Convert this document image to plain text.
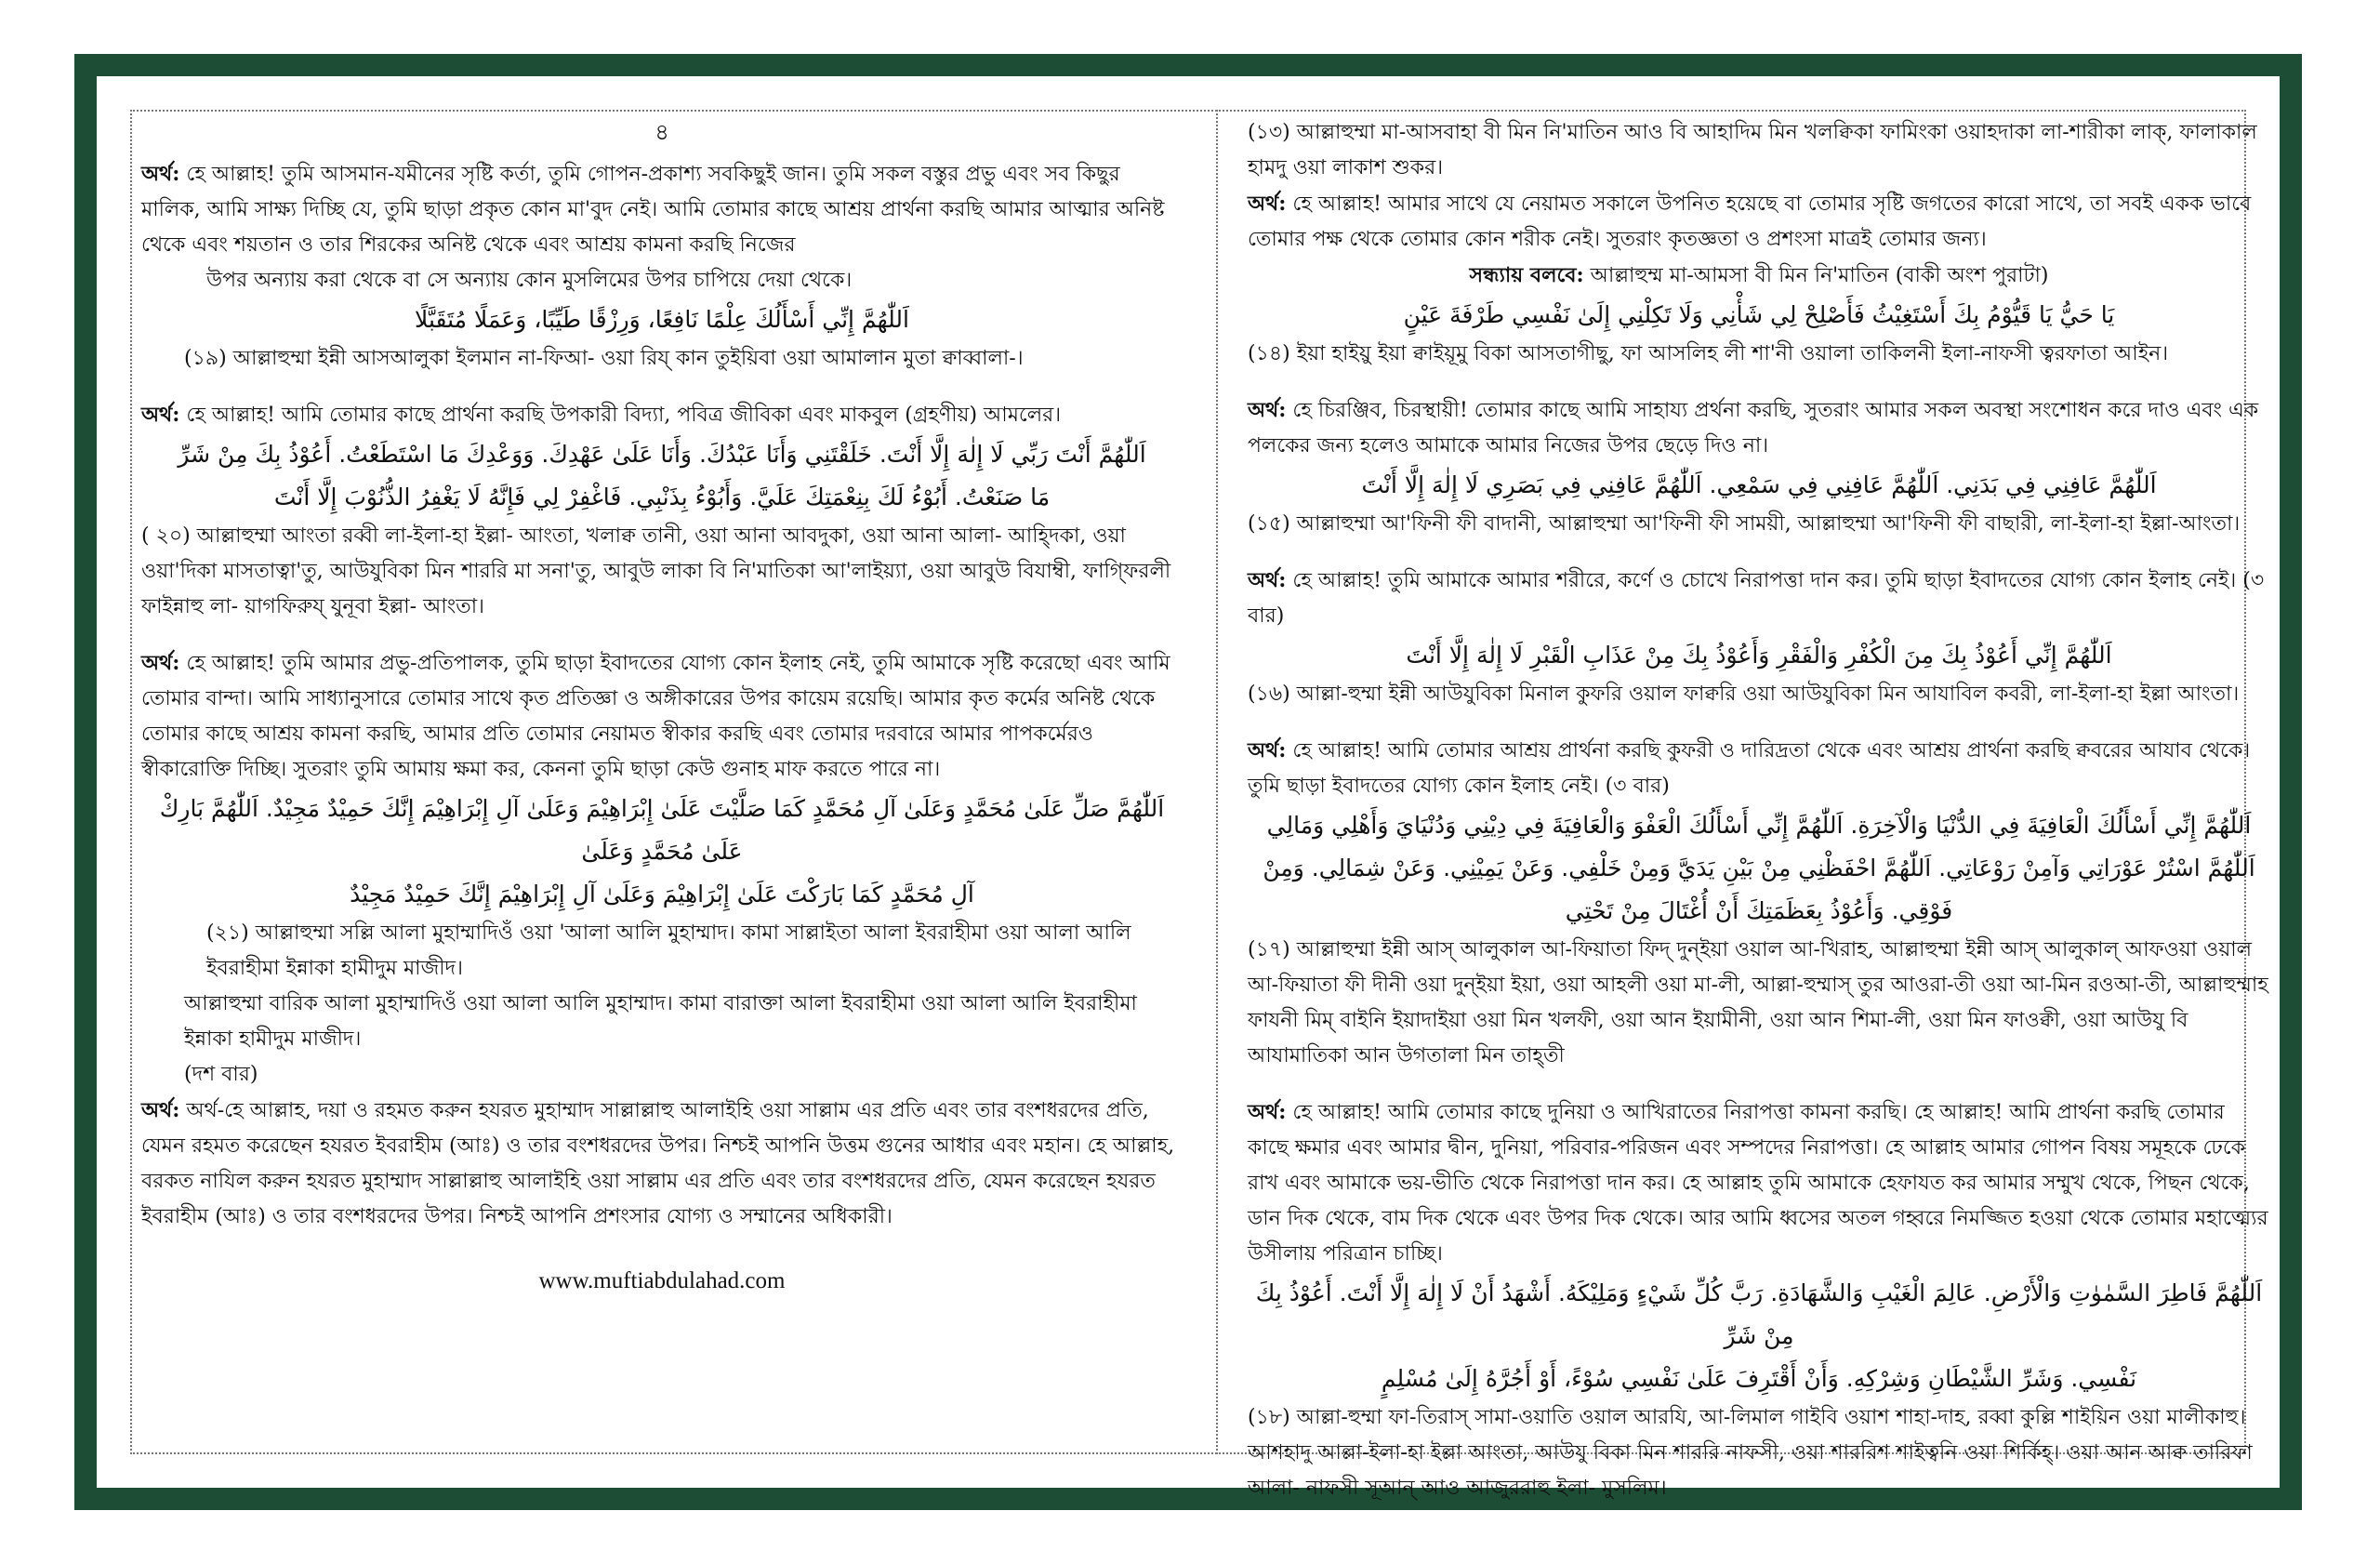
৪

অর্থ: হে আল্লাহ! তুমি আসমান-যমীনের সৃষ্টি কর্তা, তুমি গোপন-প্রকাশ্য সবকিছুই জান। তুমি সকল বস্তুর প্রভু এবং সব কিছুর মালিক, আমি সাক্ষ্য দিচ্ছি যে, তুমি ছাড়া প্রকৃত কোন মা'বুদ নেই। আমি তোমার কাছে আশ্রয় প্রার্থনা করছি আমার আত্মার অনিষ্ট থেকে এবং শয়তান ও তার শিরকের অনিষ্ট থেকে এবং আশ্রয় কামনা করছি নিজের

উপর অন্যায় করা থেকে বা সে অন্যায় কোন মুসলিমের উপর চাপিয়ে দেয়া থেকে।

اَللّٰهُمَّ إِنِّي أَسْأَلُكَ عِلْمًا نَافِعًا، وَرِزْقًا طَيِّبًا، وَعَمَلًا مُتَقَبَّلًا

(১৯) আল্লাহুম্মা ইন্নী আসআলুকা ইলমান না-ফিআ- ওয়া রিয্ কান তুইয়িবা ওয়া আমালান মুতা ক্বাব্বালা-।

অর্থ: হে আল্লাহ! আমি তোমার কাছে প্রার্থনা করছি উপকারী বিদ্যা, পবিত্র জীবিকা এবং মাকবুল (গ্রহণীয়) আমলের।

اَللّٰهُمَّ أَنْتَ رَبِّي لَا إِلٰهَ إِلَّا أَنْتَ. خَلَقْتَنِي وَأَنَا عَبْدُكَ. وَأَنَا عَلَىٰ عَهْدِكَ. وَوَعْدِكَ مَا اسْتَطَعْتُ. أَعُوْذُ بِكَ مِنْ شَرِّ

مَا صَنَعْتُ. أَبُوْءُ لَكَ بِنِعْمَتِكَ عَلَيَّ. وَأَبُوْءُ بِذَنْبِي. فَاغْفِرْ لِي فَإِنَّهُ لَا يَغْفِرُ الذُّنُوْبَ إِلَّا أَنْتَ

( ২০) আল্লাহুম্মা আংতা রব্বী লা-ইলা-হা ইল্লা- আংতা, খলাক্ব তানী, ওয়া আনা আবদুকা, ওয়া আনা আলা- আহ্দিকা, ওয়া ওয়া'দিকা মাসতাত্বা'তু, আউযুবিকা মিন শাররি মা সনা'তু, আবুউ লাকা বি নি'মাতিকা আ'লাইয়্যা, ওয়া আবুউ বিযাম্বী, ফাগ্ফিরলী ফাইন্নাহু লা- য়াগফিরুয্ যুনূবা ইল্লা- আংতা।

অর্থ: হে আল্লাহ! তুমি আমার প্রভু-প্রতিপালক, তুমি ছাড়া ইবাদতের যোগ্য কোন ইলাহ নেই, তুমি আমাকে সৃষ্টি করেছো এবং আমি তোমার বান্দা। আমি সাধ্যানুসারে তোমার সাথে কৃত প্রতিজ্ঞা ও অঙ্গীকারের উপর কায়েম রয়েছি। আমার কৃত কর্মের অনিষ্ট থেকে তোমার কাছে আশ্রয় কামনা করছি, আমার প্রতি তোমার নেয়ামত স্বীকার করছি এবং তোমার দরবারে আমার পাপকর্মেরও স্বীকারোক্তি দিচ্ছি। সুতরাং তুমি আমায় ক্ষমা কর, কেননা তুমি ছাড়া কেউ গুনাহ মাফ করতে পারে না।

اَللّٰهُمَّ صَلِّ عَلَىٰ مُحَمَّدٍ وَعَلَىٰ آلِ مُحَمَّدٍ كَمَا صَلَّيْتَ عَلَىٰ إِبْرَاهِيْمَ وَعَلَىٰ آلِ إِبْرَاهِيْمَ إِنَّكَ حَمِيْدٌ مَجِيْدٌ. اَللّٰهُمَّ بَارِكْ عَلَىٰ مُحَمَّدٍ وَعَلَىٰ

آلِ مُحَمَّدٍ كَمَا بَارَكْتَ عَلَىٰ إِبْرَاهِيْمَ وَعَلَىٰ آلِ إِبْرَاهِيْمَ إِنَّكَ حَمِيْدٌ مَجِيْدٌ

(২১) আল্লাহুম্মা সল্লি আলা মুহাম্মাদিওঁ ওয়া 'আলা আলি মুহাম্মাদ। কামা সাল্লাইতা আলা ইবরাহীমা ওয়া আলা আলি ইবরাহীমা ইন্নাকা হামীদুম মাজীদ।

আল্লাহুম্মা বারিক আলা মুহাম্মাদিওঁ ওয়া আলা আলি মুহাম্মাদ। কামা বারাক্তা আলা ইবরাহীমা ওয়া আলা আলি ইবরাহীমা ইন্নাকা হামীদুম মাজীদ।

(দশ বার)

অর্থ: অর্থ-হে আল্লাহ, দয়া ও রহমত করুন হযরত মুহাম্মাদ সাল্লাল্লাহু আলাইহি ওয়া সাল্লাম এর প্রতি এবং তার বংশধরদের প্রতি, যেমন রহমত করেছেন হযরত ইবরাহীম (আঃ) ও তার বংশধরদের উপর। নিশ্চই আপনি উত্তম গুনের আধার এবং মহান। হে আল্লাহ, বরকত নাযিল করুন হযরত মুহাম্মাদ সাল্লাল্লাহু আলাইহি ওয়া সাল্লাম এর প্রতি এবং তার বংশধরদের প্রতি, যেমন করেছেন হযরত ইবরাহীম (আঃ) ও তার বংশধরদের উপর। নিশ্চই আপনি প্রশংসার যোগ্য ও সম্মানের অধিকারী।

www.muftiabdulahad.com

(১৩) আল্লাহুম্মা মা-আসবাহা বী মিন নি'মাতিন আও বি আহাদিম মিন খলক্বিকা ফামিংকা ওয়াহদাকা লা-শারীকা লাক্, ফালাকাল হামদু ওয়া লাকাশ শুকর।

অর্থ: হে আল্লাহ! আমার সাথে যে নেয়ামত সকালে উপনিত হয়েছে বা তোমার সৃষ্টি জগতের কারো সাথে, তা সবই একক ভাবে তোমার পক্ষ থেকে তোমার কোন শরীক নেই। সুতরাং কৃতজ্ঞতা ও প্রশংসা মাত্রই তোমার জন্য।

সন্ধ্যায় বলবে: আল্লাহুম্ম মা-আমসা বী মিন নি'মাতিন (বাকী অংশ পুরাটা)

يَا حَيُّ يَا قَيُّوْمُ بِكَ أَسْتَغِيْثُ فَأَصْلِحْ لِي شَأْنِي وَلَا تَكِلْنِي إِلَىٰ نَفْسِي طَرْفَةَ عَيْنٍ

(১৪) ইয়া হাইয়ু ইয়া ক্বাইয়ূমু বিকা আসতাগীছু, ফা আসলিহ লী শা'নী ওয়ালা তাকিলনী ইলা-নাফসী ত্বরফাতা আইন।

অর্থ: হে চিরঞ্জিব, চিরস্থায়ী! তোমার কাছে আমি সাহায্য প্রর্থনা করছি, সুতরাং আমার সকল অবস্থা সংশোধন করে দাও এবং এক পলকের জন্য হলেও আমাকে আমার নিজের উপর ছেড়ে দিও না।

اَللّٰهُمَّ عَافِنِي فِي بَدَنِي. اَللّٰهُمَّ عَافِنِي فِي سَمْعِي. اَللّٰهُمَّ عَافِنِي فِي بَصَرِي لَا إِلٰهَ إِلَّا أَنْتَ

(১৫) আল্লাহুম্মা আ'ফিনী ফী বাদানী, আল্লাহুম্মা আ'ফিনী ফী সাময়ী, আল্লাহুম্মা আ'ফিনী ফী বাছারী, লা-ইলা-হা ইল্লা-আংতা।

অর্থ: হে আল্লাহ! তুমি আমাকে আমার শরীরে, কর্ণে ও চোখে নিরাপত্তা দান কর। তুমি ছাড়া ইবাদতের যোগ্য কোন ইলাহ নেই। (৩ বার)

اَللّٰهُمَّ إِنِّي أَعُوْذُ بِكَ مِنَ الْكُفْرِ وَالْفَقْرِ وَأَعُوْذُ بِكَ مِنْ عَذَابِ الْقَبْرِ لَا إِلٰهَ إِلَّا أَنْتَ

(১৬) আল্লা-হুম্মা ইন্নী আউযুবিকা মিনাল কুফরি ওয়াল ফাক্বরি ওয়া আউযুবিকা মিন আযাবিল কবরী, লা-ইলা-হা ইল্লা আংতা।

অর্থ: হে আল্লাহ! আমি তোমার আশ্রয় প্রার্থনা করছি কুফরী ও দারিদ্রতা থেকে এবং আশ্রয় প্রার্থনা করছি ক্ববরের আযাব থেকে। তুমি ছাড়া ইবাদতের যোগ্য কোন ইলাহ নেই। (৩ বার)

اَللّٰهُمَّ إِنِّي أَسْأَلُكَ الْعَافِيَةَ فِي الدُّنْيَا وَالْآخِرَةِ. اَللّٰهُمَّ إِنِّي أَسْأَلُكَ الْعَفْوَ وَالْعَافِيَةَ فِي دِيْنِي وَدُنْيَايَ وَأَهْلِي وَمَالِي

اَللّٰهُمَّ اسْتُرْ عَوْرَاتِي وَآمِنْ رَوْعَاتِي. اَللّٰهُمَّ احْفَظْنِي مِنْ بَيْنِ يَدَيَّ وَمِنْ خَلْفِي. وَعَنْ يَمِيْنِي. وَعَنْ شِمَالِي. وَمِنْ فَوْقِي. وَأَعُوْذُ بِعَظَمَتِكَ أَنْ أُغْتَالَ مِنْ تَحْتِي

(১৭) আল্লাহুম্মা ইন্নী আস্ আলুকাল আ-ফিয়াতা ফিদ্ দুন্ইয়া ওয়াল আ-খিরাহ, আল্লাহুম্মা ইন্নী আস্ আলুকাল্ আফওয়া ওয়াল আ-ফিয়াতা ফী দীনী ওয়া দুন্ইয়া ইয়া, ওয়া আহলী ওয়া মা-লী, আল্লা-হুম্মাস্ তুর আওরা-তী ওয়া আ-মিন রওআ-তী, আল্লাহুম্মাহ ফাযনী মিম্ বাইনি ইয়াদাইয়া ওয়া মিন খলফী, ওয়া আন ইয়ামীনী, ওয়া আন শিমা-লী, ওয়া মিন ফাওক্বী, ওয়া আউযু বি আযামাতিকা আন উগতালা মিন তাহ্তী

অর্থ: হে আল্লাহ! আমি তোমার কাছে দুনিয়া ও আখিরাতের নিরাপত্তা কামনা করছি। হে আল্লাহ! আমি প্রার্থনা করছি তোমার কাছে ক্ষমার এবং আমার দ্বীন, দুনিয়া, পরিবার-পরিজন এবং সম্পদের নিরাপত্তা। হে আল্লাহ আমার গোপন বিষয় সমূহকে ঢেকে রাখ এবং আমাকে ভয়-ভীতি থেকে নিরাপত্তা দান কর। হে আল্লাহ তুমি আমাকে হেফাযত কর আমার সম্মুখ থেকে, পিছন থেকে, ডান দিক থেকে, বাম দিক থেকে এবং উপর দিক থেকে। আর আমি ধ্বসের অতল গহ্বরে নিমজ্জিত হওয়া থেকে তোমার মহাত্ম্যের উসীলায় পরিত্রান চাচ্ছি।

اَللّٰهُمَّ فَاطِرَ السَّمٰوٰتِ وَالْأَرْضِ. عَالِمَ الْغَيْبِ وَالشَّهَادَةِ. رَبَّ كُلِّ شَيْءٍ وَمَلِيْكَهُ. أَشْهَدُ أَنْ لَا إِلٰهَ إِلَّا أَنْتَ. أَعُوْذُ بِكَ مِنْ شَرِّ

نَفْسِي. وَشَرِّ الشَّيْطَانِ وَشِرْكِهِ. وَأَنْ أَقْتَرِفَ عَلَىٰ نَفْسِي سُوْءً، أَوْ أَجُرَّهُ إِلَىٰ مُسْلِمٍ

(১৮) আল্লা-হুম্মা ফা-তিরাস্ সামা-ওয়াতি ওয়াল আরযি, আ-লিমাল গাইবি ওয়াশ শাহা-দাহ, রব্বা কুল্লি শাইয়িন ওয়া মালীকাহু। আশহাদু আল্লা-ইলা-হা ইল্লা আংতা, আউযু বিকা মিন শাররি নাফসী, ওয়া শাররিশ শাইত্বনি ওয়া শির্কিহ্। ওয়া আন আক্ব তারিফা আলা- নাফসী সূআন্ আও আজুররাহু ইলা- মুসলিম।
